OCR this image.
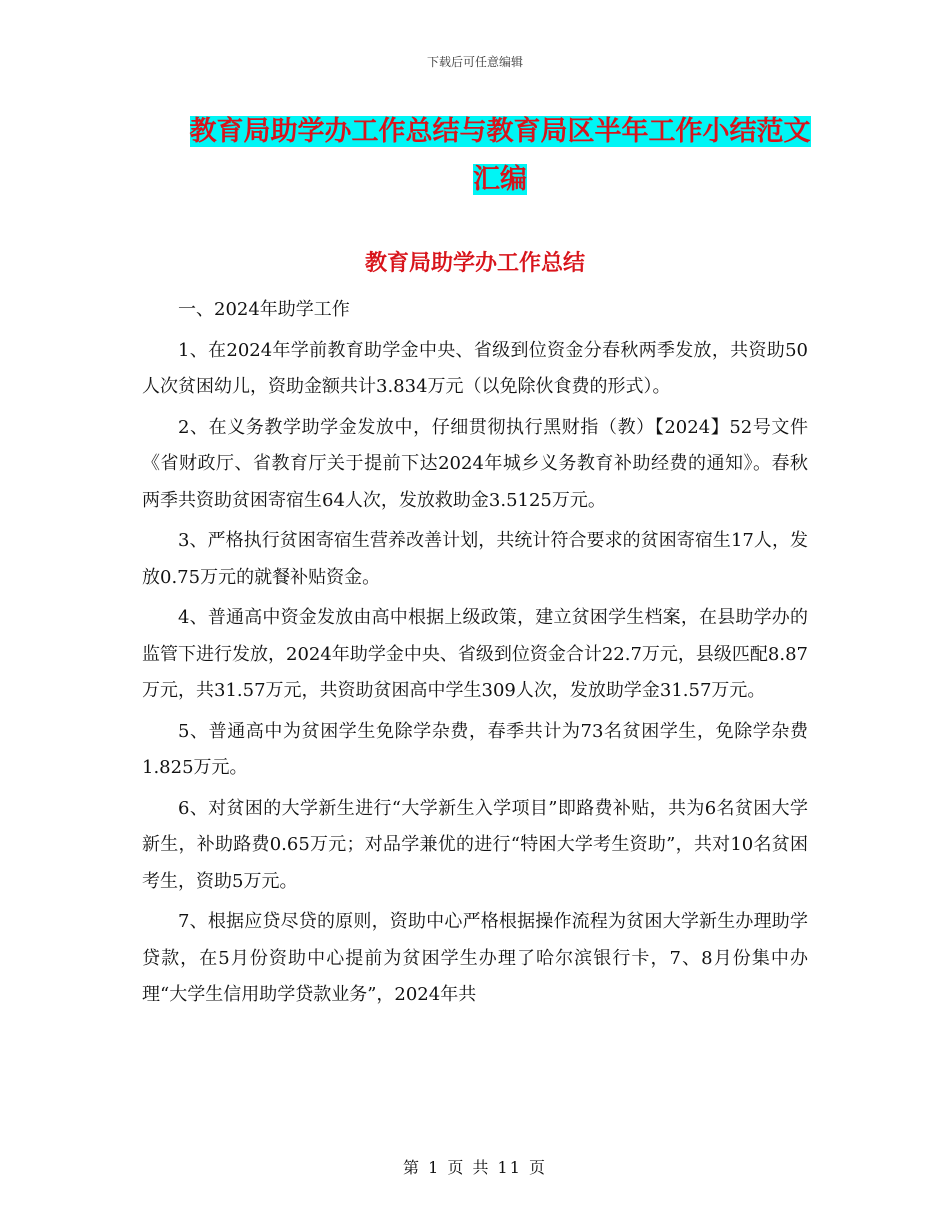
下载后可任意编辑
教育局助学办工作总结与教育局区半年工作小结范文
汇编
教育局助学办工作总结

一、2024年助学工作

1、在2024年学前教育助学金中央、省级到位资金分春秋两季发放，共资助50人次贫困幼儿，资助金额共计3.834万元（以免除伙食费的形式）。

2、在义务教学助学金发放中，仔细贯彻执行黑财指（教）【2024】52号文件《省财政厅、省教育厅关于提前下达2024年城乡义务教育补助经费的通知》。春秋两季共资助贫困寄宿生64人次，发放救助金3.5125万元。

3、严格执行贫困寄宿生营养改善计划，共统计符合要求的贫困寄宿生17人，发放0.75万元的就餐补贴资金。

4、普通高中资金发放由高中根据上级政策，建立贫困学生档案，在县助学办的监管下进行发放，2024年助学金中央、省级到位资金合计22.7万元，县级匹配8.87万元，共31.57万元，共资助贫困高中学生309人次，发放助学金31.57万元。

5、普通高中为贫困学生免除学杂费，春季共计为73名贫困学生，免除学杂费1.825万元。

6、对贫困的大学新生进行“大学新生入学项目”即路费补贴，共为6名贫困大学新生，补助路费0.65万元；对品学兼优的进行“特困大学考生资助”，共对10名贫困考生，资助5万元。

7、根据应贷尽贷的原则，资助中心严格根据操作流程为贫困大学新生办理助学贷款，在5月份资助中心提前为贫困学生办理了哈尔滨银行卡，7、8月份集中办理“大学生信用助学贷款业务”，2024年共

第 1 页 共 11 页
